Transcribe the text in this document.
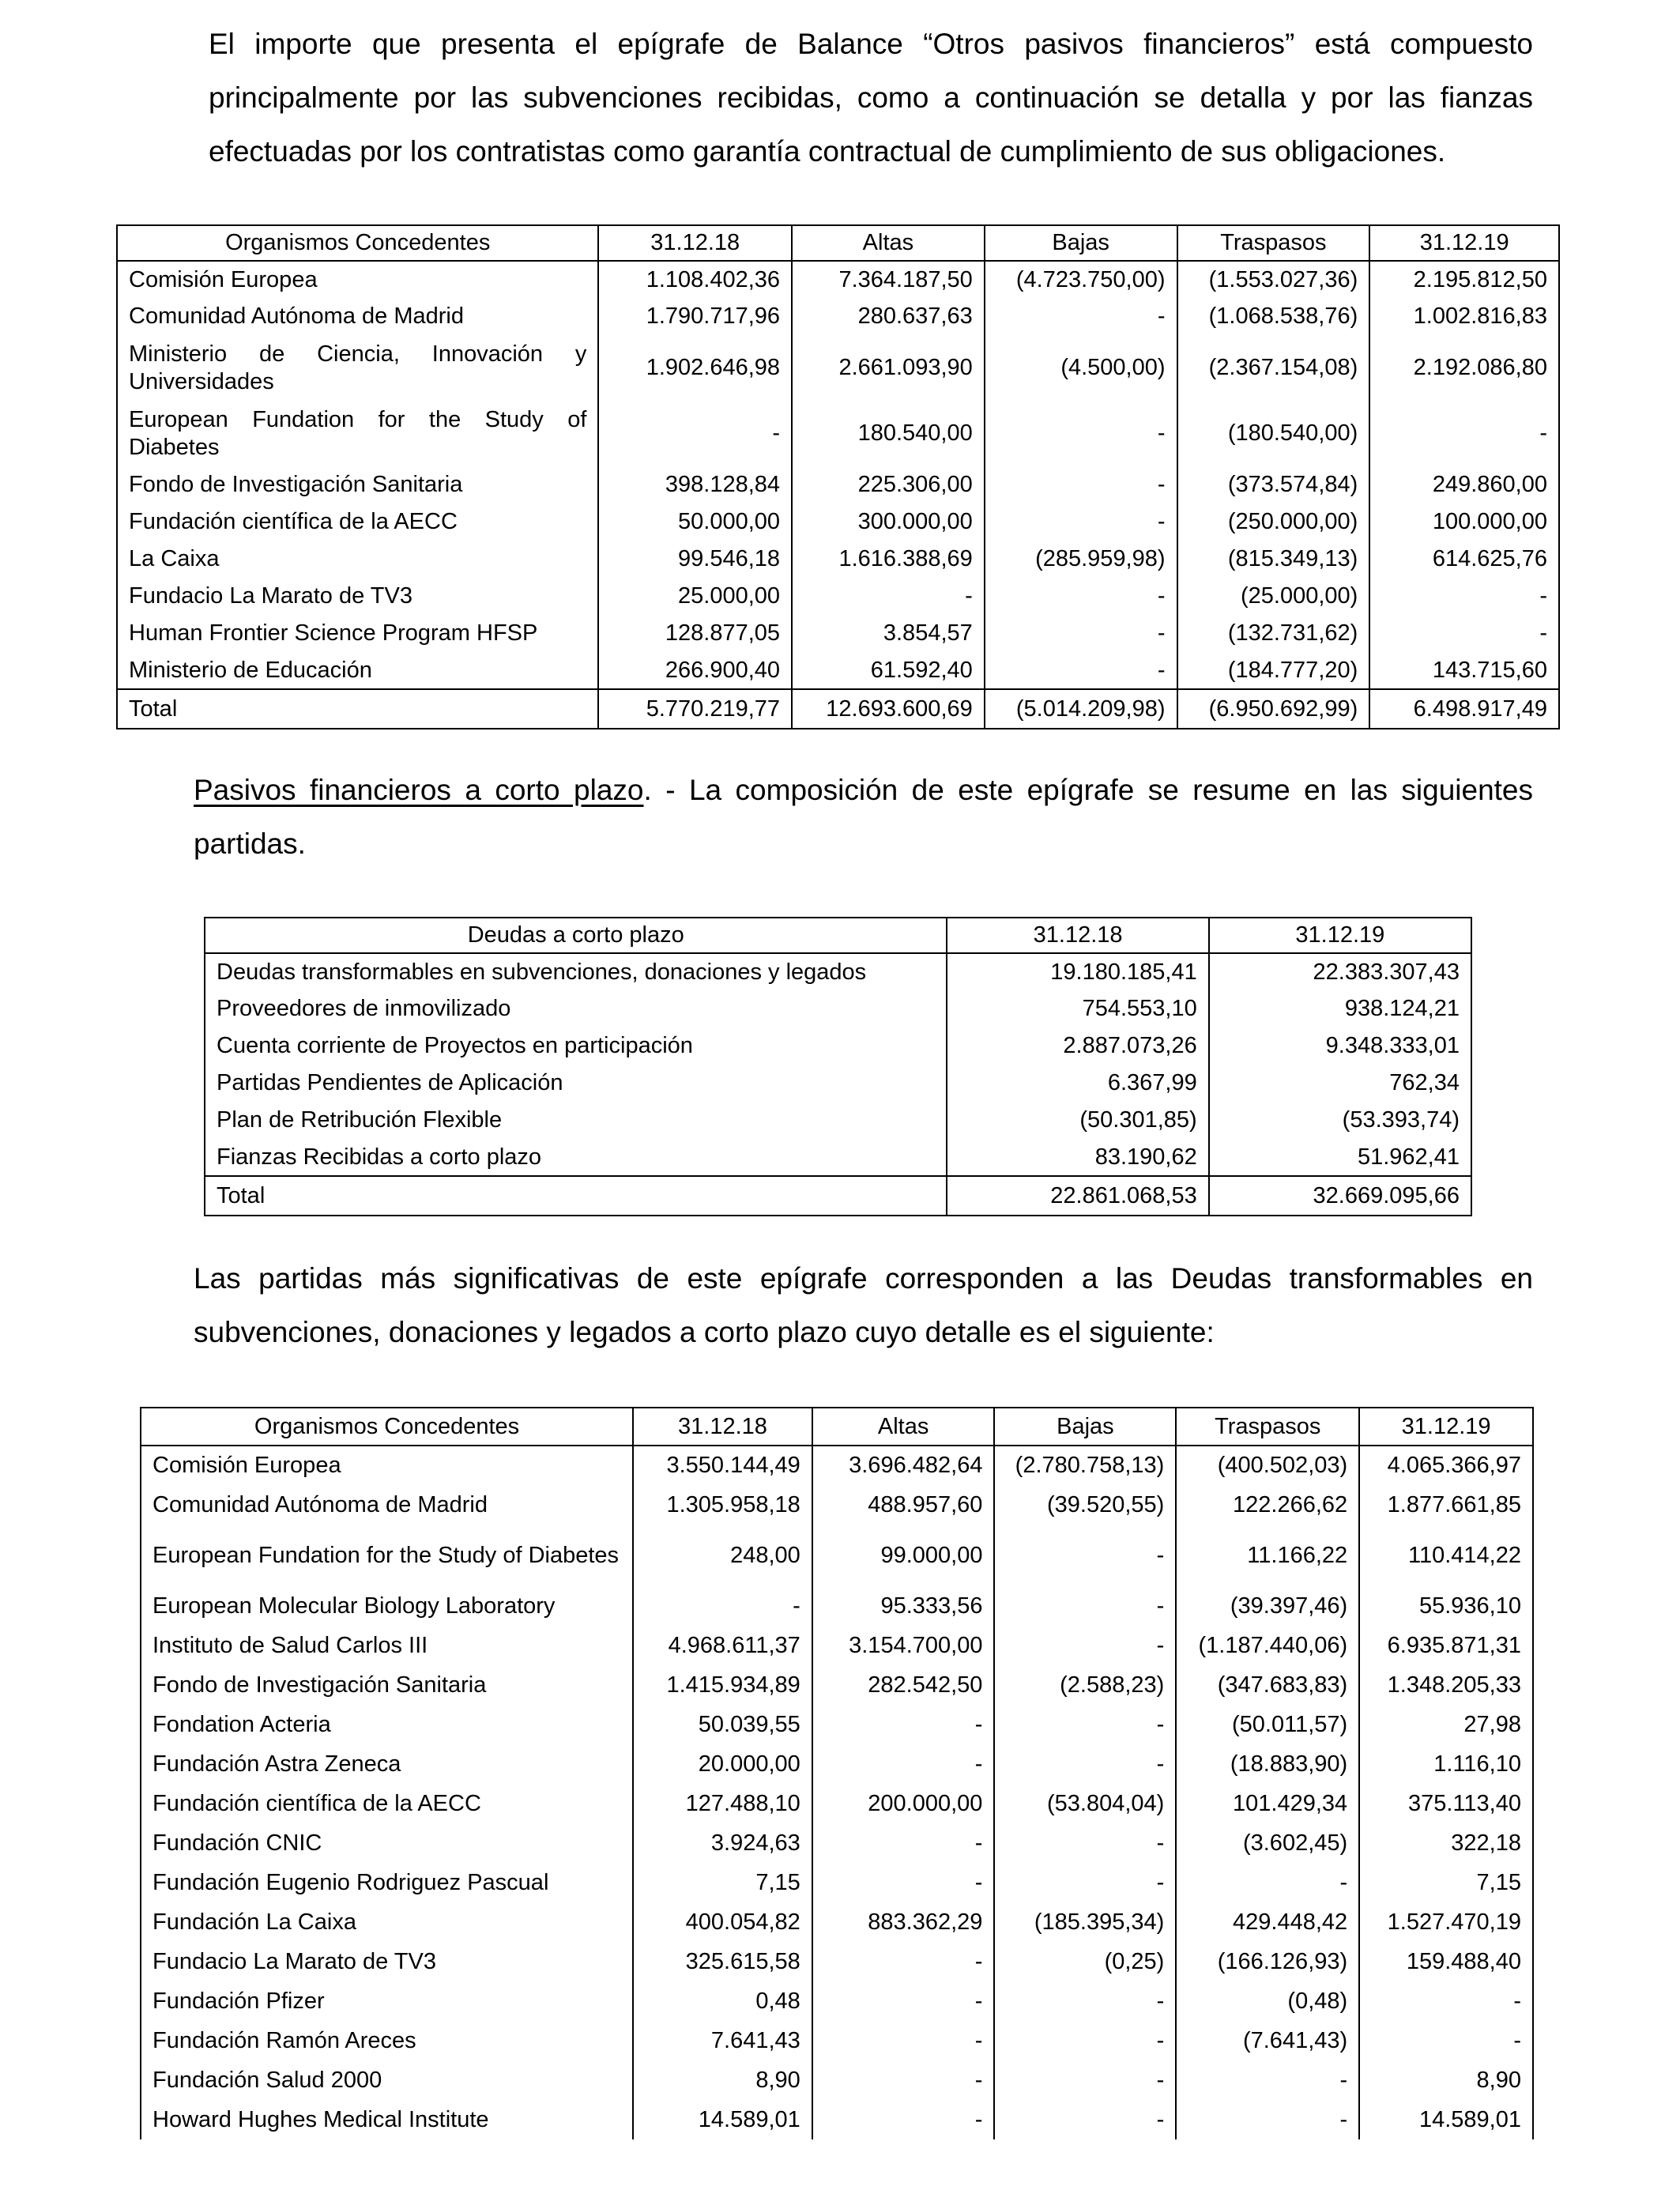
El importe que presenta el epígrafe de Balance “Otros pasivos financieros” está compuesto principalmente por las subvenciones recibidas, como a continuación se detalla y por las fianzas efectuadas por los contratistas como garantía contractual de cumplimiento de sus obligaciones.
Organismos Concedentes	31.12.18	Altas	Bajas	Traspasos	31.12.19
Comisión Europea	1.108.402,36	7.364.187,50	(4.723.750,00)	(1.553.027,36)	2.195.812,50
Comunidad Autónoma de Madrid	1.790.717,96	280.637,63	-	(1.068.538,76)	1.002.816,83
Ministerio de Ciencia, Innovación y Universidades	1.902.646,98	2.661.093,90	(4.500,00)	(2.367.154,08)	2.192.086,80
European Fundation for the Study of Diabetes	-	180.540,00	-	(180.540,00)	-
Fondo de Investigación Sanitaria	398.128,84	225.306,00	-	(373.574,84)	249.860,00
Fundación científica de la AECC	50.000,00	300.000,00	-	(250.000,00)	100.000,00
La Caixa	99.546,18	1.616.388,69	(285.959,98)	(815.349,13)	614.625,76
Fundacio La Marato de TV3	25.000,00	-	-	(25.000,00)	-
Human Frontier Science Program HFSP	128.877,05	3.854,57	-	(132.731,62)	-
Ministerio de Educación	266.900,40	61.592,40	-	(184.777,20)	143.715,60
Total	5.770.219,77	12.693.600,69	(5.014.209,98)	(6.950.692,99)	6.498.917,49
Pasivos financieros a corto plazo. - La composición de este epígrafe se resume en las siguientes partidas.
Deudas a corto plazo	31.12.18	31.12.19
Deudas transformables en subvenciones, donaciones y legados	19.180.185,41	22.383.307,43
Proveedores de inmovilizado	754.553,10	938.124,21
Cuenta corriente de Proyectos en participación	2.887.073,26	9.348.333,01
Partidas Pendientes de Aplicación	6.367,99	762,34
Plan de Retribución Flexible	(50.301,85)	(53.393,74)
Fianzas Recibidas a corto plazo	83.190,62	51.962,41
Total	22.861.068,53	32.669.095,66
Las partidas más significativas de este epígrafe corresponden a las Deudas transformables en subvenciones, donaciones y legados a corto plazo cuyo detalle es el siguiente:
Organismos Concedentes	31.12.18	Altas	Bajas	Traspasos	31.12.19
Comisión Europea	3.550.144,49	3.696.482,64	(2.780.758,13)	(400.502,03)	4.065.366,97
Comunidad Autónoma de Madrid	1.305.958,18	488.957,60	(39.520,55)	122.266,62	1.877.661,85
European Fundation for the Study of Diabetes	248,00	99.000,00	-	11.166,22	110.414,22
European Molecular Biology Laboratory	-	95.333,56	-	(39.397,46)	55.936,10
Instituto de Salud Carlos III	4.968.611,37	3.154.700,00	-	(1.187.440,06)	6.935.871,31
Fondo de Investigación Sanitaria	1.415.934,89	282.542,50	(2.588,23)	(347.683,83)	1.348.205,33
Fondation Acteria	50.039,55	-	-	(50.011,57)	27,98
Fundación Astra Zeneca	20.000,00	-	-	(18.883,90)	1.116,10
Fundación científica de la AECC	127.488,10	200.000,00	(53.804,04)	101.429,34	375.113,40
Fundación CNIC	3.924,63	-	-	(3.602,45)	322,18
Fundación Eugenio Rodriguez Pascual	7,15	-	-	-	7,15
Fundación La Caixa	400.054,82	883.362,29	(185.395,34)	429.448,42	1.527.470,19
Fundacio La Marato de TV3	325.615,58	-	(0,25)	(166.126,93)	159.488,40
Fundación Pfizer	0,48	-	-	(0,48)	-
Fundación Ramón Areces	7.641,43	-	-	(7.641,43)	-
Fundación Salud 2000	8,90	-	-	-	8,90
Howard Hughes Medical Institute	14.589,01	-	-	-	14.589,01
